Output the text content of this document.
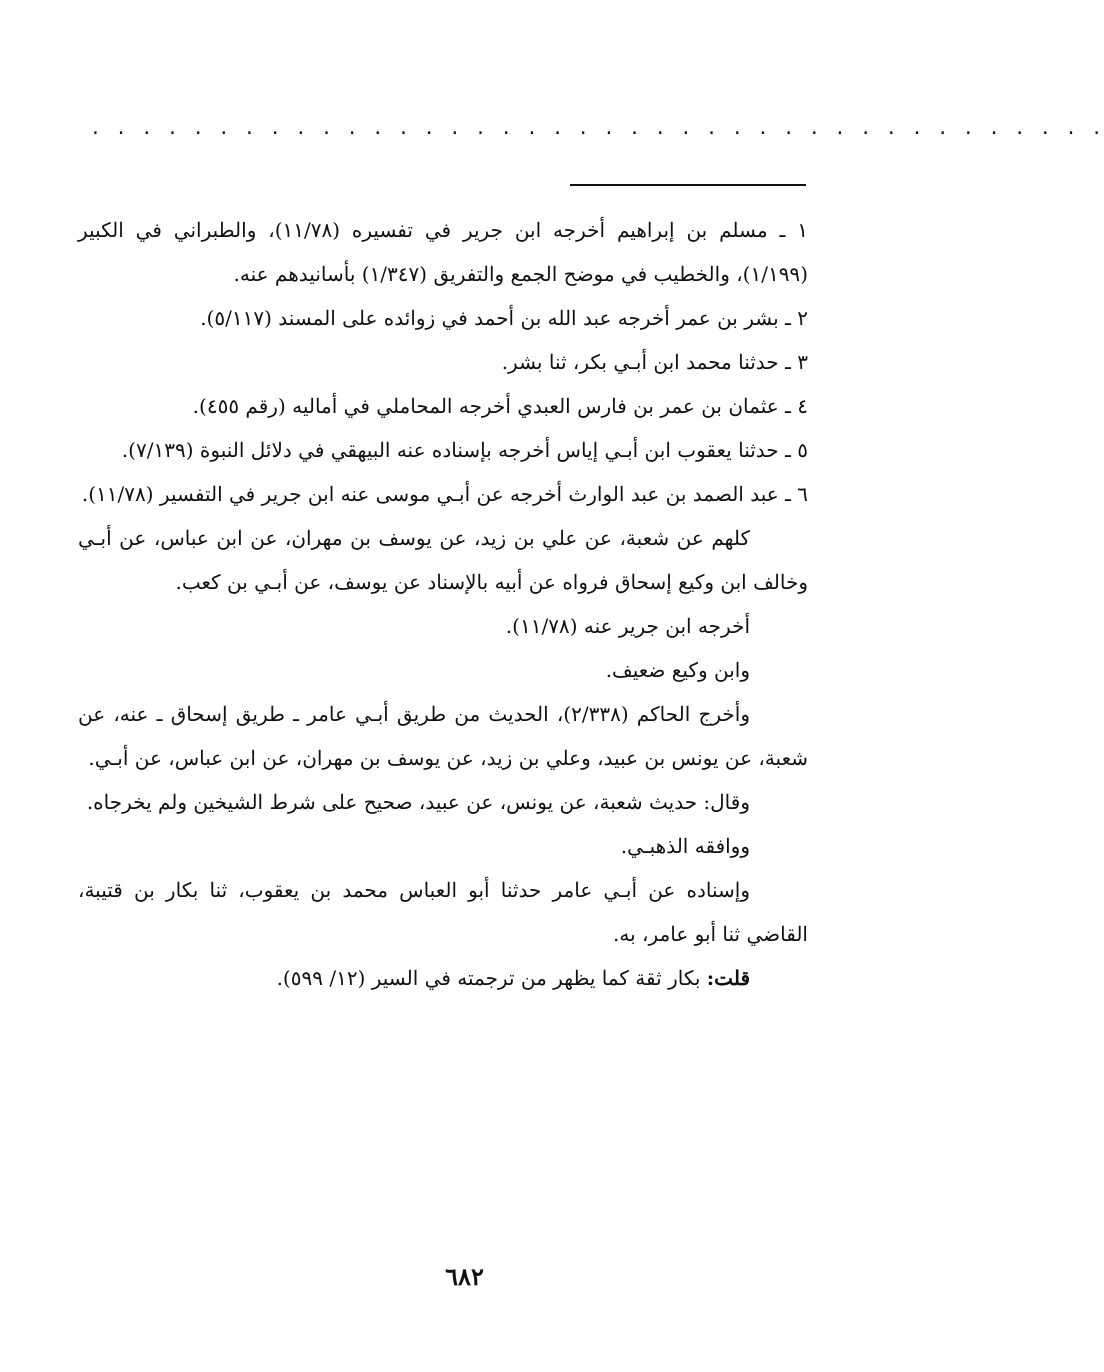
. . . . . . . . . . . . . . . . . . . . . . . . . . . . . . . . . . . . . . . .

١ ـ مسلم بن إبراهيم أخرجه ابن جرير في تفسيره (١١/٧٨)، والطبراني في الكبير (١/١٩٩)، والخطيب في موضح الجمع والتفريق (١/٣٤٧) بأسانيدهم عنه.

٢ ـ بشر بن عمر أخرجه عبد الله بن أحمد في زوائده على المسند (٥/١١٧).

٣ ـ حدثنا محمد ابن أبـي بكر، ثنا بشر.

٤ ـ عثمان بن عمر بن فارس العبدي أخرجه المحاملي في أماليه (رقم ٤٥٥).

٥ ـ حدثنا يعقوب ابن أبـي إياس أخرجه بإسناده عنه البيهقي في دلائل النبوة (٧/١٣٩).

٦ ـ عبد الصمد بن عبد الوارث أخرجه عن أبـي موسى عنه ابن جرير في التفسير (١١/٧٨).

كلهم عن شعبة، عن علي بن زيد، عن يوسف بن مهران، عن ابن عباس، عن أبـي وخالف ابن وكيع إسحاق فرواه عن أبيه بالإسناد عن يوسف، عن أبـي بن كعب.

أخرجه ابن جرير عنه (١١/٧٨).

وابن وكيع ضعيف.

وأخرج الحاكم (٢/٣٣٨)، الحديث من طريق أبـي عامر ـ طريق إسحاق ـ عنه، عن شعبة، عن يونس بن عبيد، وعلي بن زيد، عن يوسف بن مهران، عن ابن عباس، عن أبـي.

وقال: حديث شعبة، عن يونس، عن عبيد، صحيح على شرط الشيخين ولم يخرجاه.

ووافقه الذهبـي.

وإسناده عن أبـي عامر حدثنا أبو العباس محمد بن يعقوب، ثنا بكار بن قتيبة، القاضي ثنا أبو عامر، به.

قلت: بكار ثقة كما يظهر من ترجمته في السير (١٢/ ٥٩٩).

٦٨٢
